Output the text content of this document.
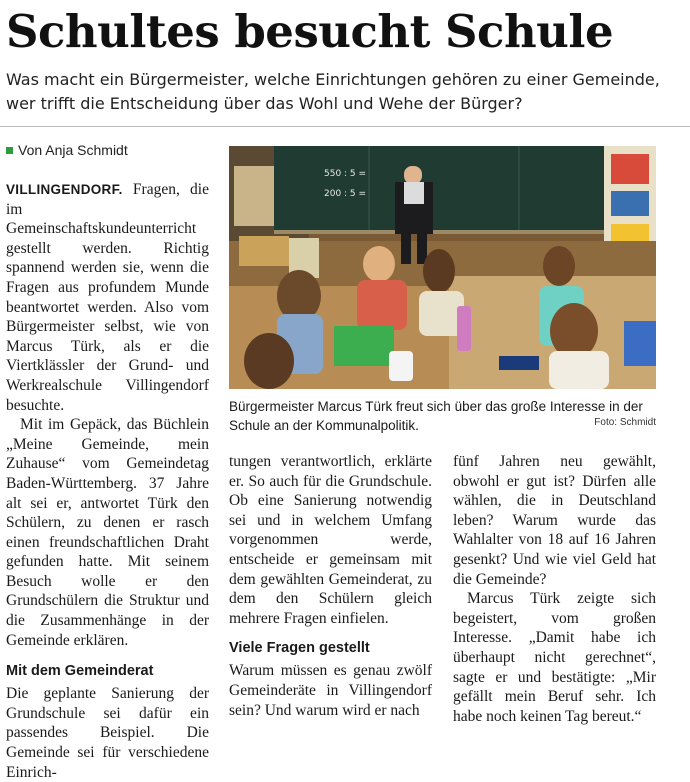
Schultes besucht Schule

Was macht ein Bürgermeister, welche Einrichtungen gehören zu einer Gemeinde, wer trifft die Entscheidung über das Wohl und Wehe der Bürger?

Von Anja Schmidt

VILLINGENDORF. Fragen, die im Gemeinschaftskundeunterricht gestellt werden. Richtig spannend werden sie, wenn die Fragen aus profundem Munde beantwortet werden. Also vom Bürgermeister selbst, wie von Marcus Türk, als er die Viertklässler der Grund- und Werkrealschule Villingendorf besuchte.

Mit im Gepäck, das Büchlein „Meine Gemeinde, mein Zuhause“ vom Gemeindetag Baden-Württemberg. 37 Jahre alt sei er, antwortet Türk den Schülern, zu denen er rasch einen freundschaftlichen Draht gefunden hatte. Mit seinem Besuch wolle er den Grundschülern die Struktur und die Zusammenhänge in der Gemeinde erklären.

Mit dem Gemeinderat

Die geplante Sanierung der Grundschule sei dafür ein passendes Beispiel. Die Gemeinde sei für verschiedene Einrich-

550 : 5 =
200 : 5 =

Bürgermeister Marcus Türk freut sich über das große Interesse in der Schule an der Kommunalpolitik.	Foto: Schmidt

tungen verantwortlich, erklärte er. So auch für die Grundschule. Ob eine Sanierung notwendig sei und in welchem Umfang vorgenommen werde, entscheide er gemeinsam mit dem gewählten Gemeinderat, zu dem den Schülern gleich mehrere Fragen einfielen.

Viele Fragen gestellt

Warum müssen es genau zwölf Gemeinderäte in Villingendorf sein? Und warum wird er nach

fünf Jahren neu gewählt, obwohl er gut ist? Dürfen alle wählen, die in Deutschland leben? Warum wurde das Wahlalter von 18 auf 16 Jahren gesenkt? Und wie viel Geld hat die Gemeinde?

Marcus Türk zeigte sich begeistert, vom großen Interesse. „Damit habe ich überhaupt nicht gerechnet“, sagte er und bestätigte: „Mir gefällt mein Beruf sehr. Ich habe noch keinen Tag bereut.“
